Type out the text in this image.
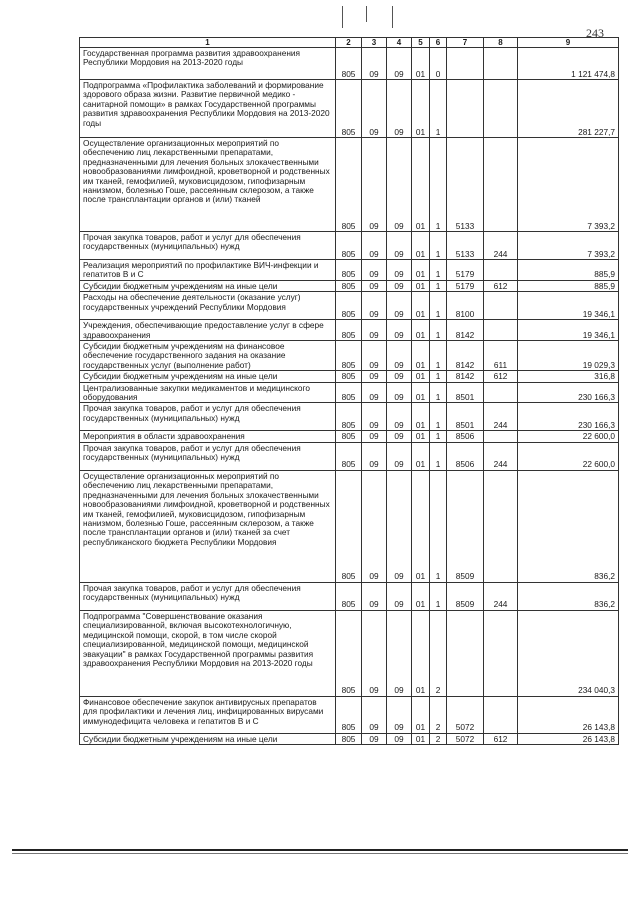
243
1	2	3	4	5	6	7	8	9
Государственная программа развития здравоохранения Республики Мордовия на 2013-2020 годы	805	09	09	01	0			1 121 474,8
Подпрограмма «Профилактика заболеваний и формирование здорового образа жизни. Развитие первичной медико - санитарной помощи» в рамках Государственной программы развития здравоохранения Республики Мордовия на 2013-2020 годы	805	09	09	01	1			281 227,7
Осуществление организационных мероприятий по обеспечению лиц лекарственными препаратами, предназначенными для лечения больных злокачественными новообразованиями лимфоидной, кроветворной и родственных им тканей, гемофилией, муковисцидозом, гипофизарным нанизмом, болезнью Гоше, рассеянным склерозом, а также после трансплантации органов и (или) тканей	805	09	09	01	1	5133		7 393,2
Прочая закупка товаров, работ и услуг для обеспечения государственных (муниципальных) нужд	805	09	09	01	1	5133	244	7 393,2
Реализация мероприятий по профилактике ВИЧ-инфекции и гепатитов В и С	805	09	09	01	1	5179		885,9
Субсидии бюджетным учреждениям на иные цели	805	09	09	01	1	5179	612	885,9
Расходы на обеспечение деятельности (оказание услуг) государственных учреждений Республики Мордовия	805	09	09	01	1	8100		19 346,1
Учреждения, обеспечивающие предоставление услуг в сфере здравоохранения	805	09	09	01	1	8142		19 346,1
Субсидии бюджетным учреждениям на финансовое обеспечение государственного задания на оказание государственных услуг (выполнение работ)	805	09	09	01	1	8142	611	19 029,3
Субсидии бюджетным учреждениям на иные цели	805	09	09	01	1	8142	612	316,8
Централизованные закупки медикаментов и медицинского оборудования	805	09	09	01	1	8501		230 166,3
Прочая закупка товаров, работ и услуг для обеспечения государственных (муниципальных) нужд	805	09	09	01	1	8501	244	230 166,3
Мероприятия в области здравоохранения	805	09	09	01	1	8506		22 600,0
Прочая закупка товаров, работ и услуг для обеспечения государственных (муниципальных) нужд	805	09	09	01	1	8506	244	22 600,0
Осуществление организационных мероприятий по обеспечению лиц лекарственными препаратами, предназначенными для лечения больных злокачественными новообразованиями лимфоидной, кроветворной и родственных им тканей, гемофилией, муковисцидозом, гипофизарным нанизмом, болезнью Гоше, рассеянным склерозом, а также после трансплантации органов и (или) тканей за счет республиканского бюджета Республики Мордовия	805	09	09	01	1	8509		836,2
Прочая закупка товаров, работ и услуг для обеспечения государственных (муниципальных) нужд	805	09	09	01	1	8509	244	836,2
Подпрограмма "Совершенствование оказания специализированной, включая высокотехнологичную, медицинской помощи, скорой, в том числе скорой специализированной, медицинской помощи, медицинской эвакуации" в рамках Государственной программы развития здравоохранения Республики Мордовия на 2013-2020 годы	805	09	09	01	2			234 040,3
Финансовое обеспечение закупок антивирусных препаратов для профилактики и лечения лиц, инфицированных вирусами иммунодефицита человека и гепатитов В и С	805	09	09	01	2	5072		26 143,8
Субсидии бюджетным учреждениям на иные цели	805	09	09	01	2	5072	612	26 143,8
